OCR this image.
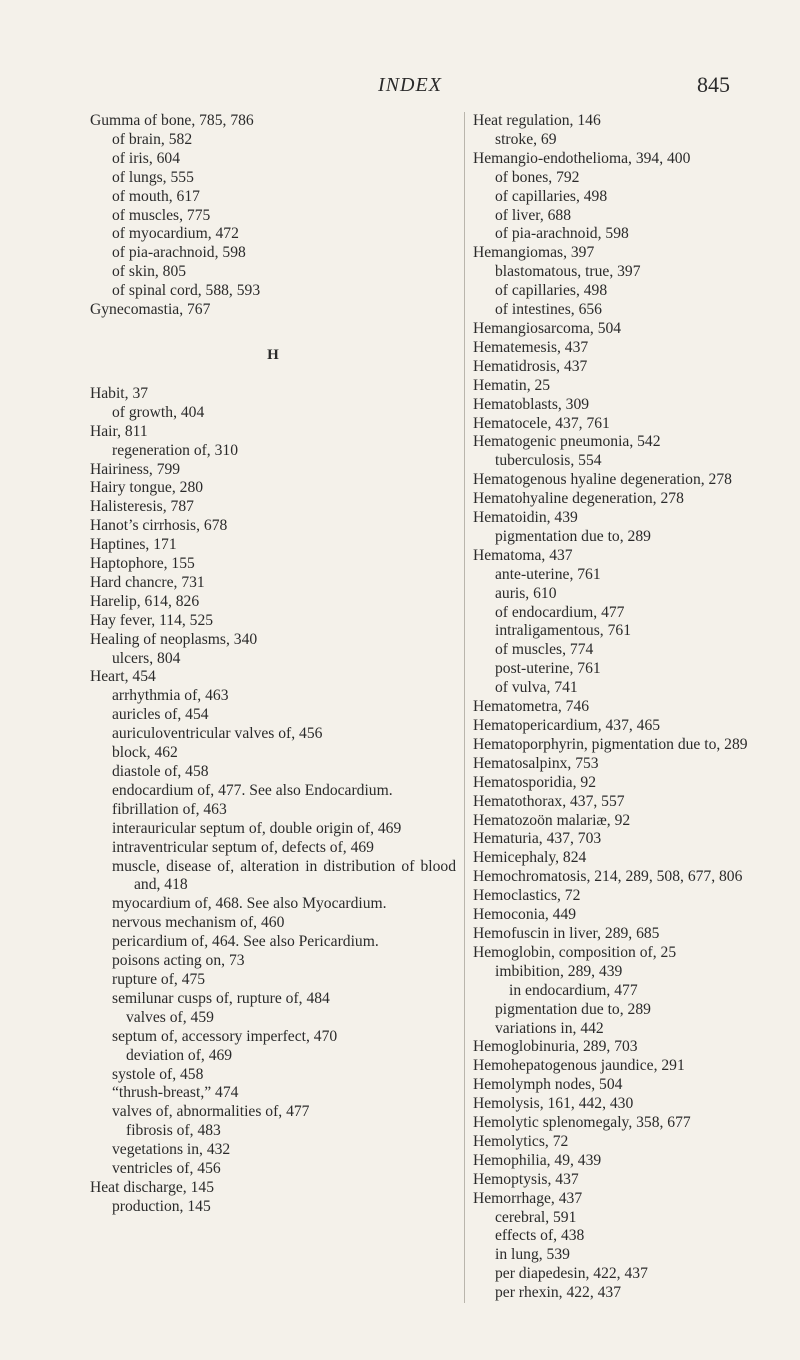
INDEX	845
Gumma of bone, 785, 786
of brain, 582
of iris, 604
of lungs, 555
of mouth, 617
of muscles, 775
of myocardium, 472
of pia-arachnoid, 598
of skin, 805
of spinal cord, 588, 593
Gynecomastia, 767
H
Habit, 37
of growth, 404
Hair, 811
regeneration of, 310
Hairiness, 799
Hairy tongue, 280
Halisteresis, 787
Hanot’s cirrhosis, 678
Haptines, 171
Haptophore, 155
Hard chancre, 731
Harelip, 614, 826
Hay fever, 114, 525
Healing of neoplasms, 340
ulcers, 804
Heart, 454
arrhythmia of, 463
auricles of, 454
auriculoventricular valves of, 456
block, 462
diastole of, 458
endocardium of, 477. See also Endocardium.
fibrillation of, 463
interauricular septum of, double origin of, 469
intraventricular septum of, defects of, 469
muscle, disease of, alteration in distribution of blood and, 418
myocardium of, 468. See also Myocardium.
nervous mechanism of, 460
pericardium of, 464. See also Pericardium.
poisons acting on, 73
rupture of, 475
semilunar cusps of, rupture of, 484
valves of, 459
septum of, accessory imperfect, 470
deviation of, 469
systole of, 458
“thrush-breast,” 474
valves of, abnormalities of, 477
fibrosis of, 483
vegetations in, 432
ventricles of, 456
Heat discharge, 145
production, 145
Heat regulation, 146
stroke, 69
Hemangio-endothelioma, 394, 400
of bones, 792
of capillaries, 498
of liver, 688
of pia-arachnoid, 598
Hemangiomas, 397
blastomatous, true, 397
of capillaries, 498
of intestines, 656
Hemangiosarcoma, 504
Hematemesis, 437
Hematidrosis, 437
Hematin, 25
Hematoblasts, 309
Hematocele, 437, 761
Hematogenic pneumonia, 542
tuberculosis, 554
Hematogenous hyaline degeneration, 278
Hematohyaline degeneration, 278
Hematoidin, 439
pigmentation due to, 289
Hematoma, 437
ante-uterine, 761
auris, 610
of endocardium, 477
intraligamentous, 761
of muscles, 774
post-uterine, 761
of vulva, 741
Hematometra, 746
Hematopericardium, 437, 465
Hematoporphyrin, pigmentation due to, 289
Hematosalpinx, 753
Hematosporidia, 92
Hematothorax, 437, 557
Hematozoön malariæ, 92
Hematuria, 437, 703
Hemicephaly, 824
Hemochromatosis, 214, 289, 508, 677, 806
Hemoclastics, 72
Hemoconia, 449
Hemofuscin in liver, 289, 685
Hemoglobin, composition of, 25
imbibition, 289, 439
in endocardium, 477
pigmentation due to, 289
variations in, 442
Hemoglobinuria, 289, 703
Hemohepatogenous jaundice, 291
Hemolymph nodes, 504
Hemolysis, 161, 442, 430
Hemolytic splenomegaly, 358, 677
Hemolytics, 72
Hemophilia, 49, 439
Hemoptysis, 437
Hemorrhage, 437
cerebral, 591
effects of, 438
in lung, 539
per diapedesin, 422, 437
per rhexin, 422, 437
